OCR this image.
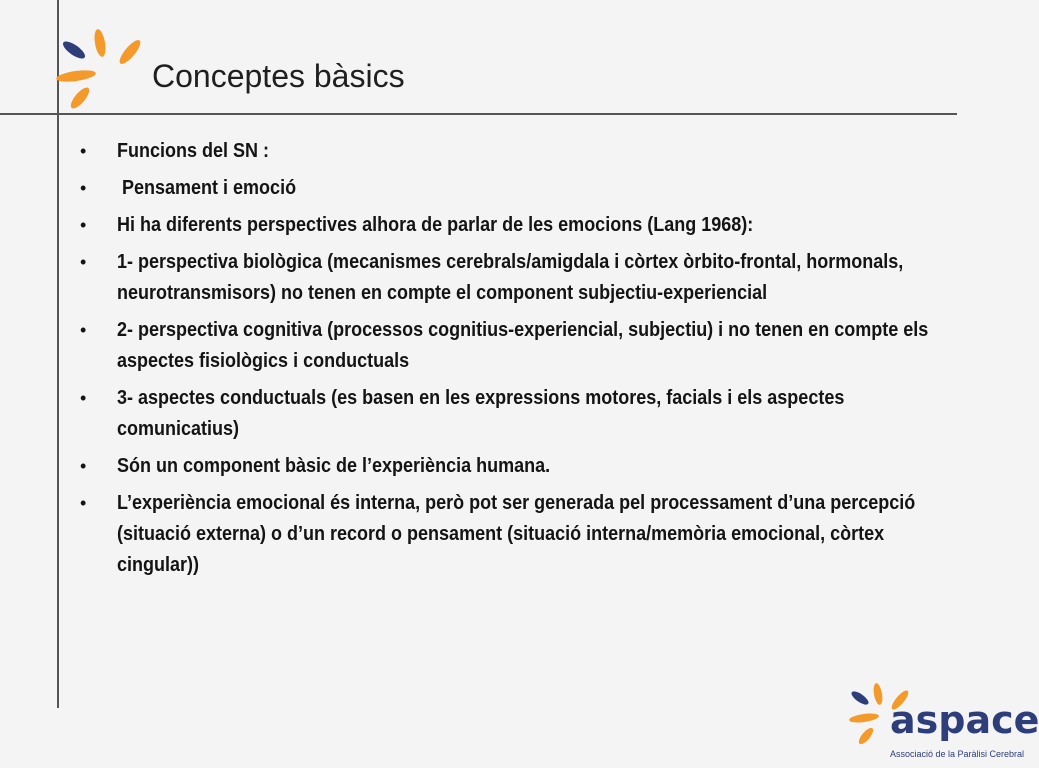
Conceptes bàsics
• Funcions del SN :
• Pensament i emoció
• Hi ha diferents perspectives alhora de parlar de les emocions (Lang 1968):
• 1- perspectiva biològica (mecanismes cerebrals/amigdala i còrtex òrbito-frontal, hormonals, neurotransmisors) no tenen en compte el component subjectiu-experiencial
• 2- perspectiva cognitiva (processos cognitius-experiencial, subjectiu) i no tenen en compte els aspectes fisiològics i conductuals
• 3- aspectes conductuals (es basen en les expressions motores, facials i els aspectes comunicatius)
• Són un component bàsic de l’experiència humana.
• L’experiència emocional és interna, però pot ser generada pel processament d’una percepció (situació externa) o d’un record o pensament (situació interna/memòria emocional, còrtex cingular))
aspace
Associació de la Paràlisi Cerebral
